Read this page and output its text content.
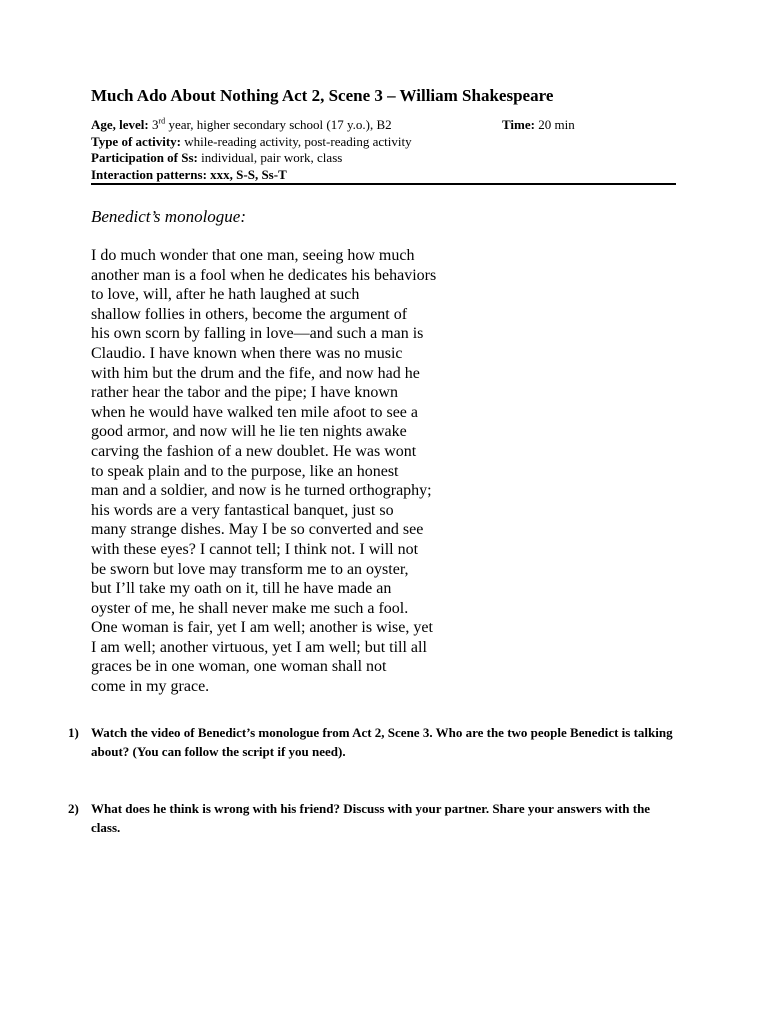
Much Ado About Nothing Act 2, Scene 3 – William Shakespeare
Age, level: 3rd year, higher secondary school (17 y.o.), B2	Time: 20 min
Type of activity: while-reading activity, post-reading activity
Participation of Ss: individual, pair work, class
Interaction patterns: xxx, S-S, Ss-T
Benedict’s monologue:
I do much wonder that one man, seeing how much
another man is a fool when he dedicates his behaviors
to love, will, after he hath laughed at such
shallow follies in others, become the argument of
his own scorn by falling in love—and such a man is
Claudio. I have known when there was no music
with him but the drum and the fife, and now had he
rather hear the tabor and the pipe; I have known
when he would have walked ten mile afoot to see a
good armor, and now will he lie ten nights awake
carving the fashion of a new doublet. He was wont
to speak plain and to the purpose, like an honest
man and a soldier, and now is he turned orthography;
his words are a very fantastical banquet, just so
many strange dishes. May I be so converted and see
with these eyes? I cannot tell; I think not. I will not
be sworn but love may transform me to an oyster,
but I’ll take my oath on it, till he have made an
oyster of me, he shall never make me such a fool.
One woman is fair, yet I am well; another is wise, yet
I am well; another virtuous, yet I am well; but till all
graces be in one woman, one woman shall not
come in my grace.
1) Watch the video of Benedict’s monologue from Act 2, Scene 3. Who are the two people Benedict is talking about? (You can follow the script if you need).
2) What does he think is wrong with his friend? Discuss with your partner. Share your answers with the class.
